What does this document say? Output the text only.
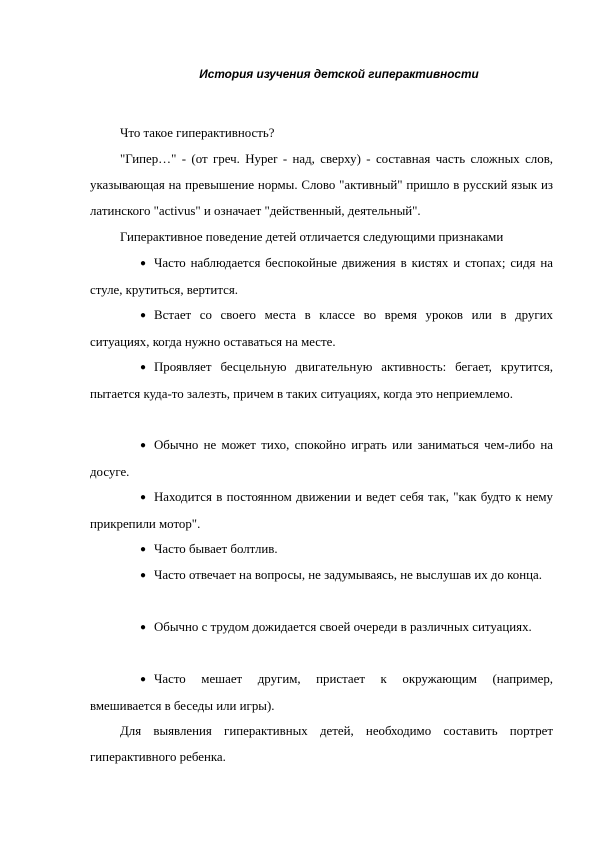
История изучения детской гиперактивности

Что такое гиперактивность?

"Гипер…" - (от греч. Hyper - над, сверху) - составная часть сложных слов, указывающая на превышение нормы. Слово "активный" пришло в русский язык из латинского "activus" и означает "действенный, деятельный".

Гиперактивное поведение детей отличается следующими признаками

● Часто наблюдается беспокойные движения в кистях и стопах; сидя на стуле, крутиться, вертится.

● Встает со своего места в классе во время уроков или в других ситуациях, когда нужно оставаться на месте.

● Проявляет бесцельную двигательную активность: бегает, крутится, пытается куда-то залезть, причем в таких ситуациях, когда это неприемлемо.

● Обычно не может тихо, спокойно играть или заниматься чем-либо на досуге.

● Находится в постоянном движении и ведет себя так, "как будто к нему прикрепили мотор".

● Часто бывает болтлив.

● Часто отвечает на вопросы, не задумываясь, не выслушав их до конца.

● Обычно с трудом дожидается своей очереди в различных ситуациях.

● Часто мешает другим, пристает к окружающим (например, вмешивается в беседы или игры).

Для выявления гиперактивных детей, необходимо составить портрет гиперактивного ребенка.
